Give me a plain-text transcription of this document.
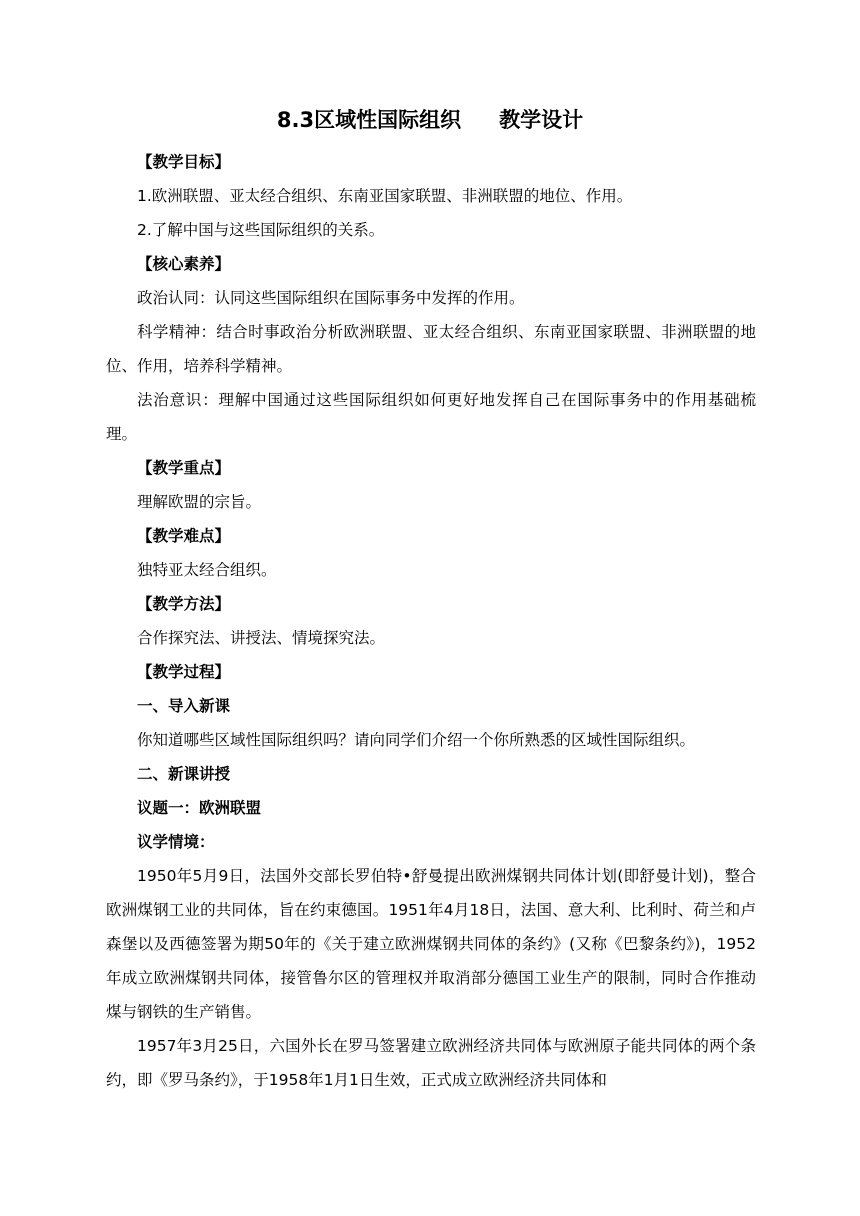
8.3区域性国际组织 教学设计

【教学目标】

1.欧洲联盟、亚太经合组织、东南亚国家联盟、非洲联盟的地位、作用。

2.了解中国与这些国际组织的关系。

【核心素养】

政治认同：认同这些国际组织在国际事务中发挥的作用。

科学精神：结合时事政治分析欧洲联盟、亚太经合组织、东南亚国家联盟、非洲联盟的地位、作用，培养科学精神。

法治意识：理解中国通过这些国际组织如何更好地发挥自己在国际事务中的作用基础梳理。

【教学重点】

理解欧盟的宗旨。

【教学难点】

独特亚太经合组织。

【教学方法】

合作探究法、讲授法、情境探究法。

【教学过程】

一、导入新课

你知道哪些区域性国际组织吗？请向同学们介绍一个你所熟悉的区域性国际组织。

二、新课讲授

议题一：欧洲联盟

议学情境：

1950年5月9日，法国外交部长罗伯特•舒曼提出欧洲煤钢共同体计划(即舒曼计划)，整合欧洲煤钢工业的共同体，旨在约束德国。1951年4月18日，法国、意大利、比利时、荷兰和卢森堡以及西德签署为期50年的《关于建立欧洲煤钢共同体的条约》(又称《巴黎条约》)，1952年成立欧洲煤钢共同体，接管鲁尔区的管理权并取消部分德国工业生产的限制，同时合作推动煤与钢铁的生产销售。

1957年3月25日，六国外长在罗马签署建立欧洲经济共同体与欧洲原子能共同体的两个条约，即《罗马条约》，于1958年1月1日生效，正式成立欧洲经济共同体和
